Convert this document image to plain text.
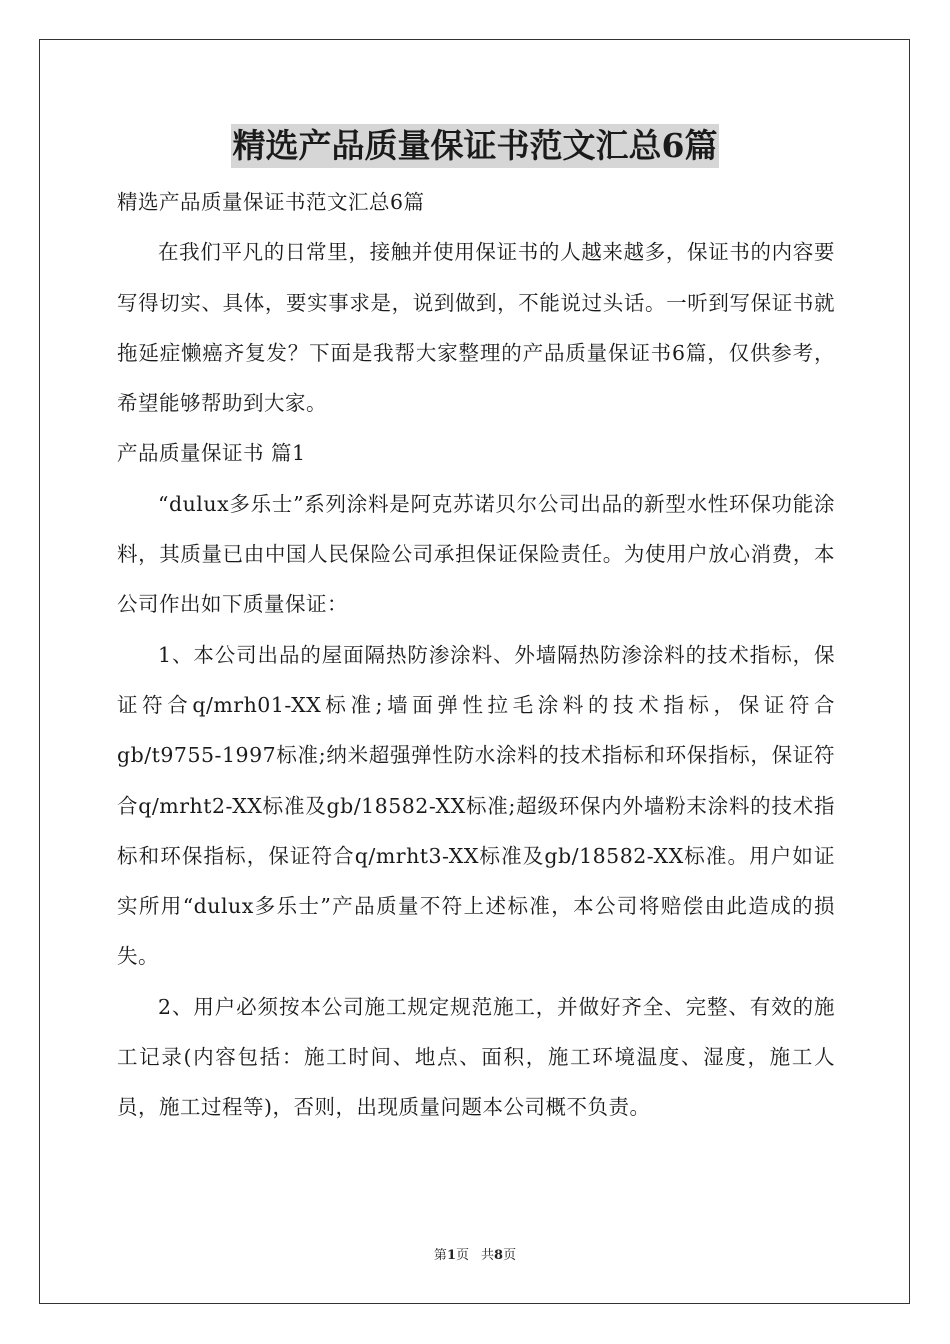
精选产品质量保证书范文汇总6篇

精选产品质量保证书范文汇总6篇

在我们平凡的日常里，接触并使用保证书的人越来越多，保证书的内容要写得切实、具体，要实事求是，说到做到，不能说过头话。一听到写保证书就拖延症懒癌齐复发？下面是我帮大家整理的产品质量保证书6篇，仅供参考，希望能够帮助到大家。

产品质量保证书 篇1

“dulux多乐士”系列涂料是阿克苏诺贝尔公司出品的新型水性环保功能涂料，其质量已由中国人民保险公司承担保证保险责任。为使用户放心消费，本公司作出如下质量保证：

1、本公司出品的屋面隔热防渗涂料、外墙隔热防渗涂料的技术指标，保证符合q/mrh01-XX标准;墙面弹性拉毛涂料的技术指标，保证符合gb/t9755-1997标准;纳米超强弹性防水涂料的技术指标和环保指标，保证符合q/mrht2-XX标准及gb/18582-XX标准;超级环保内外墙粉末涂料的技术指标和环保指标，保证符合q/mrht3-XX标准及gb/18582-XX标准。用户如证实所用“dulux多乐士”产品质量不符上述标准，本公司将赔偿由此造成的损失。

2、用户必须按本公司施工规定规范施工，并做好齐全、完整、有效的施工记录(内容包括：施工时间、地点、面积，施工环境温度、湿度，施工人员，施工过程等)，否则，出现质量问题本公司概不负责。

第1页 共8页
